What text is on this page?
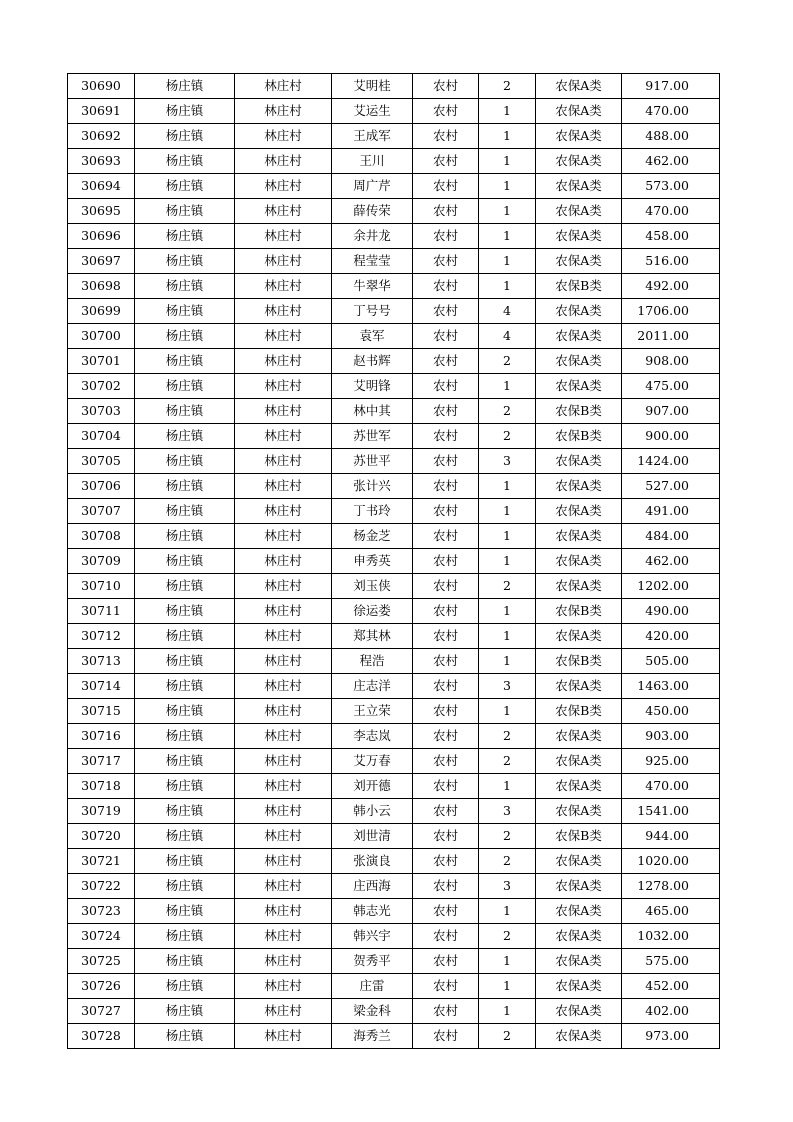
30690	杨庄镇	林庄村	艾明桂	农村	2	农保A类	917.00
30691	杨庄镇	林庄村	艾运生	农村	1	农保A类	470.00
30692	杨庄镇	林庄村	王成军	农村	1	农保A类	488.00
30693	杨庄镇	林庄村	王川	农村	1	农保A类	462.00
30694	杨庄镇	林庄村	周广芹	农村	1	农保A类	573.00
30695	杨庄镇	林庄村	薛传荣	农村	1	农保A类	470.00
30696	杨庄镇	林庄村	余井龙	农村	1	农保A类	458.00
30697	杨庄镇	林庄村	程莹莹	农村	1	农保A类	516.00
30698	杨庄镇	林庄村	牛翠华	农村	1	农保B类	492.00
30699	杨庄镇	林庄村	丁号号	农村	4	农保A类	1706.00
30700	杨庄镇	林庄村	袁军	农村	4	农保A类	2011.00
30701	杨庄镇	林庄村	赵书辉	农村	2	农保A类	908.00
30702	杨庄镇	林庄村	艾明锋	农村	1	农保A类	475.00
30703	杨庄镇	林庄村	林中其	农村	2	农保B类	907.00
30704	杨庄镇	林庄村	苏世军	农村	2	农保B类	900.00
30705	杨庄镇	林庄村	苏世平	农村	3	农保A类	1424.00
30706	杨庄镇	林庄村	张计兴	农村	1	农保A类	527.00
30707	杨庄镇	林庄村	丁书玲	农村	1	农保A类	491.00
30708	杨庄镇	林庄村	杨金芝	农村	1	农保A类	484.00
30709	杨庄镇	林庄村	申秀英	农村	1	农保A类	462.00
30710	杨庄镇	林庄村	刘玉侠	农村	2	农保A类	1202.00
30711	杨庄镇	林庄村	徐运娄	农村	1	农保B类	490.00
30712	杨庄镇	林庄村	郑其林	农村	1	农保A类	420.00
30713	杨庄镇	林庄村	程浩	农村	1	农保B类	505.00
30714	杨庄镇	林庄村	庄志洋	农村	3	农保A类	1463.00
30715	杨庄镇	林庄村	王立荣	农村	1	农保B类	450.00
30716	杨庄镇	林庄村	李志岚	农村	2	农保A类	903.00
30717	杨庄镇	林庄村	艾万春	农村	2	农保A类	925.00
30718	杨庄镇	林庄村	刘开德	农村	1	农保A类	470.00
30719	杨庄镇	林庄村	韩小云	农村	3	农保A类	1541.00
30720	杨庄镇	林庄村	刘世清	农村	2	农保B类	944.00
30721	杨庄镇	林庄村	张演良	农村	2	农保A类	1020.00
30722	杨庄镇	林庄村	庄西海	农村	3	农保A类	1278.00
30723	杨庄镇	林庄村	韩志光	农村	1	农保A类	465.00
30724	杨庄镇	林庄村	韩兴宇	农村	2	农保A类	1032.00
30725	杨庄镇	林庄村	贺秀平	农村	1	农保A类	575.00
30726	杨庄镇	林庄村	庄雷	农村	1	农保A类	452.00
30727	杨庄镇	林庄村	梁金科	农村	1	农保A类	402.00
30728	杨庄镇	林庄村	海秀兰	农村	2	农保A类	973.00
